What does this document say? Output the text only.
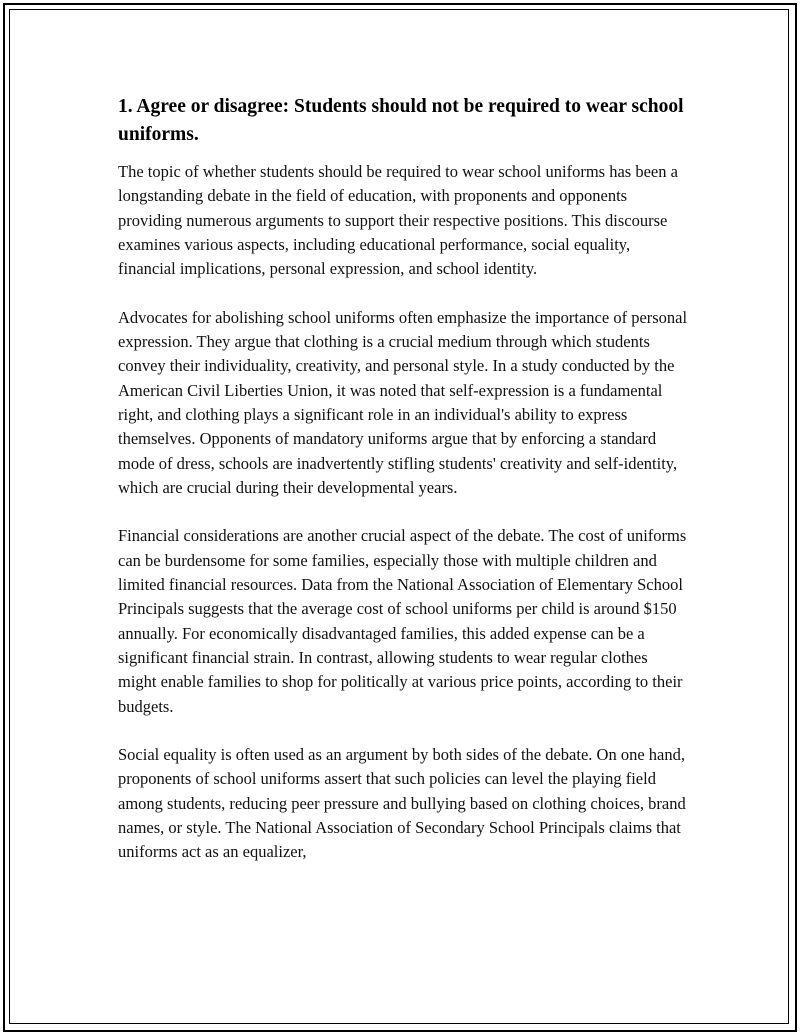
1. Agree or disagree: Students should not be required to wear school uniforms.

The topic of whether students should be required to wear school uniforms has been a longstanding debate in the field of education, with proponents and opponents providing numerous arguments to support their respective positions. This discourse examines various aspects, including educational performance, social equality, financial implications, personal expression, and school identity.

Advocates for abolishing school uniforms often emphasize the importance of personal expression. They argue that clothing is a crucial medium through which students convey their individuality, creativity, and personal style. In a study conducted by the American Civil Liberties Union, it was noted that self-expression is a fundamental right, and clothing plays a significant role in an individual's ability to express themselves. Opponents of mandatory uniforms argue that by enforcing a standard mode of dress, schools are inadvertently stifling students' creativity and self-identity, which are crucial during their developmental years.

Financial considerations are another crucial aspect of the debate. The cost of uniforms can be burdensome for some families, especially those with multiple children and limited financial resources. Data from the National Association of Elementary School Principals suggests that the average cost of school uniforms per child is around $150 annually. For economically disadvantaged families, this added expense can be a significant financial strain. In contrast, allowing students to wear regular clothes might enable families to shop for politically at various price points, according to their budgets.

Social equality is often used as an argument by both sides of the debate. On one hand, proponents of school uniforms assert that such policies can level the playing field among students, reducing peer pressure and bullying based on clothing choices, brand names, or style. The National Association of Secondary School Principals claims that uniforms act as an equalizer,
